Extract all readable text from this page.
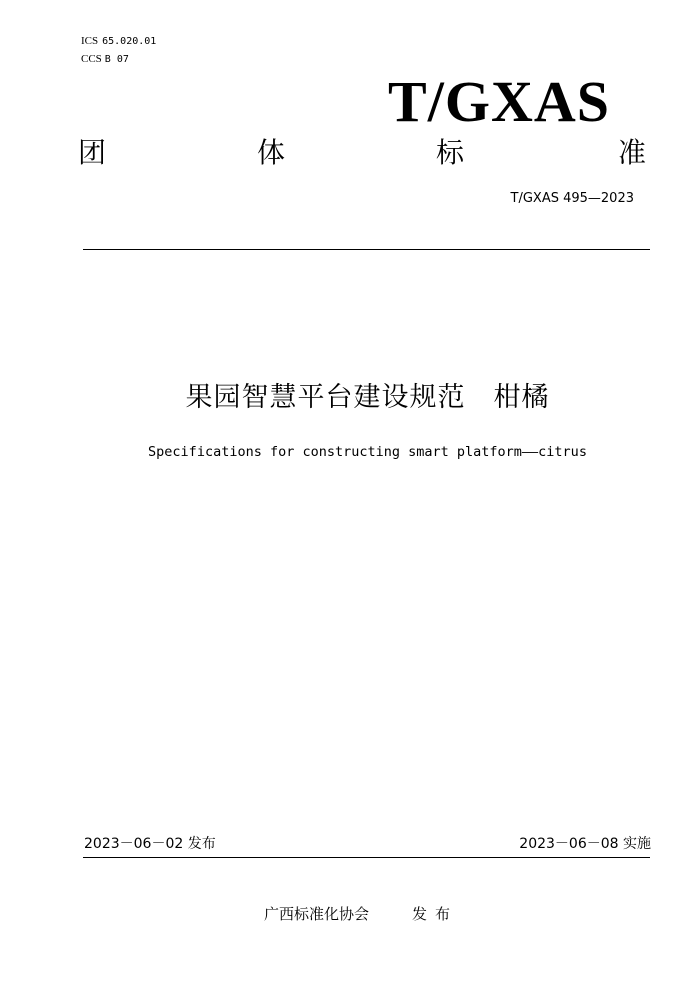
ICS 65.020.01
CCS B 07
T/GXAS
团	体	标	准
T/GXAS 495—2023
果园智慧平台建设规范　柑橘
Specifications for constructing smart platform——citrus
2023－06－02 发布	2023－06－08 实施
广西标准化协会	发布
